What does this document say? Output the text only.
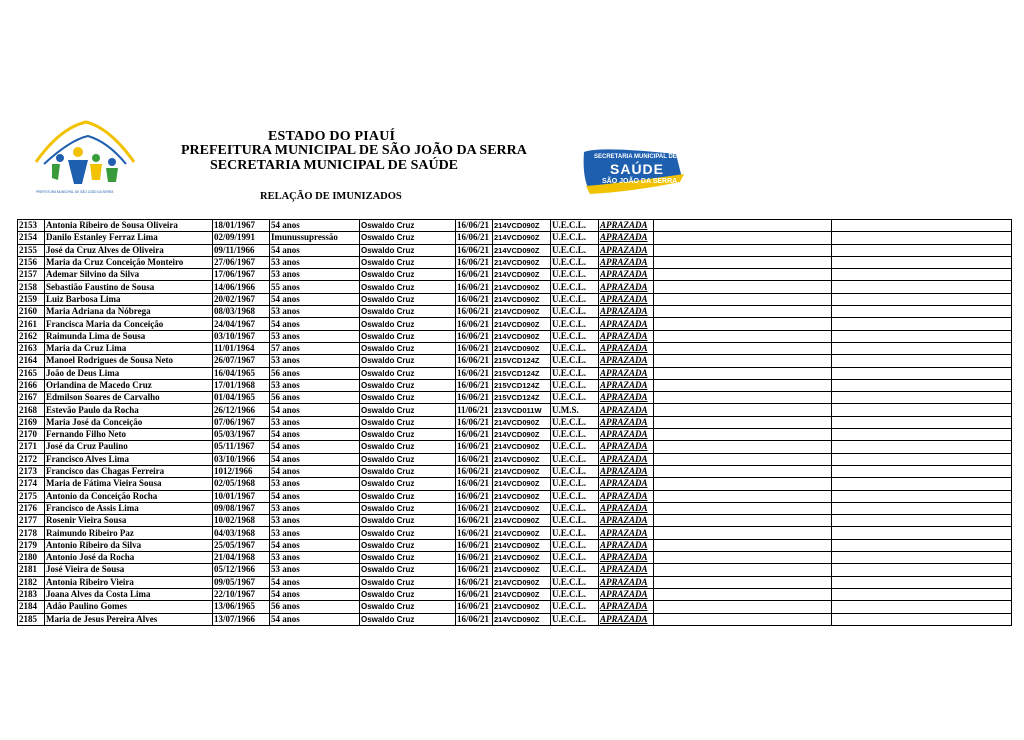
PREFEITURA MUNICIPAL DE SÃO JOÃO DA SERRA
SECRETARIA MUNICIPAL DE
SAÚDE
SÃO JOÃO DA SERRA
ESTADO DO PIAUÍ
PREFEITURA MUNICIPAL DE SÃO JOÃO DA SERRA
SECRETARIA MUNICIPAL DE SAÚDE
RELAÇÃO DE IMUNIZADOS
2153	Antonia Ribeiro de Sousa Oliveira	18/01/1967	54 anos	Oswaldo Cruz	16/06/21	214VCD090Z	U.E.C.L.	APRAZADA		
2154	Danilo Estanley Ferraz Lima	02/09/1991	Imunussupressão	Oswaldo Cruz	16/06/21	214VCD090Z	U.E.C.L.	APRAZADA		
2155	José da Cruz Alves de Oliveira	09/11/1966	54 anos	Oswaldo Cruz	16/06/21	214VCD090Z	U.E.C.L.	APRAZADA		
2156	Maria da Cruz Conceição Monteiro	27/06/1967	53 anos	Oswaldo Cruz	16/06/21	214VCD090Z	U.E.C.L.	APRAZADA		
2157	Ademar Silvino da Silva	17/06/1967	53 anos	Oswaldo Cruz	16/06/21	214VCD090Z	U.E.C.L.	APRAZADA		
2158	Sebastião Faustino de Sousa	14/06/1966	55 anos	Oswaldo Cruz	16/06/21	214VCD090Z	U.E.C.L.	APRAZADA		
2159	Luiz Barbosa Lima	20/02/1967	54 anos	Oswaldo Cruz	16/06/21	214VCD090Z	U.E.C.L.	APRAZADA		
2160	Maria Adriana da Nóbrega	08/03/1968	53 anos	Oswaldo Cruz	16/06/21	214VCD090Z	U.E.C.L.	APRAZADA		
2161	Francisca Maria da Conceição	24/04/1967	54 anos	Oswaldo Cruz	16/06/21	214VCD090Z	U.E.C.L.	APRAZADA		
2162	Raimunda Lima de Sousa	03/10/1967	53 anos	Oswaldo Cruz	16/06/21	214VCD090Z	U.E.C.L.	APRAZADA		
2163	Maria da Cruz Lima	11/01/1964	57 anos	Oswaldo Cruz	16/06/21	214VCD090Z	U.E.C.L.	APRAZADA		
2164	Manoel Rodrigues de Sousa Neto	26/07/1967	53 anos	Oswaldo Cruz	16/06/21	215VCD124Z	U.E.C.L.	APRAZADA		
2165	João de Deus Lima	16/04/1965	56 anos	Oswaldo Cruz	16/06/21	215VCD124Z	U.E.C.L.	APRAZADA		
2166	Orlandina de Macedo Cruz	17/01/1968	53 anos	Oswaldo Cruz	16/06/21	215VCD124Z	U.E.C.L.	APRAZADA		
2167	Edmilson Soares de Carvalho	01/04/1965	56 anos	Oswaldo Cruz	16/06/21	215VCD124Z	U.E.C.L.	APRAZADA		
2168	Estevão Paulo da Rocha	26/12/1966	54 anos	Oswaldo Cruz	11/06/21	213VCD011W	U.M.S.	APRAZADA		
2169	Maria José da Conceição	07/06/1967	53 anos	Oswaldo Cruz	16/06/21	214VCD090Z	U.E.C.L.	APRAZADA		
2170	Fernando Filho Neto	05/03/1967	54 anos	Oswaldo Cruz	16/06/21	214VCD090Z	U.E.C.L.	APRAZADA		
2171	José da Cruz Paulino	05/11/1967	54 anos	Oswaldo Cruz	16/06/21	214VCD090Z	U.E.C.L.	APRAZADA		
2172	Francisco Alves Lima	03/10/1966	54 anos	Oswaldo Cruz	16/06/21	214VCD090Z	U.E.C.L.	APRAZADA		
2173	Francisco das Chagas Ferreira	1012/1966	54 anos	Oswaldo Cruz	16/06/21	214VCD090Z	U.E.C.L.	APRAZADA		
2174	Maria de Fátima Vieira Sousa	02/05/1968	53 anos	Oswaldo Cruz	16/06/21	214VCD090Z	U.E.C.L.	APRAZADA		
2175	Antonio da Conceição Rocha	10/01/1967	54 anos	Oswaldo Cruz	16/06/21	214VCD090Z	U.E.C.L.	APRAZADA		
2176	Francisco de Assis Lima	09/08/1967	53 anos	Oswaldo Cruz	16/06/21	214VCD090Z	U.E.C.L.	APRAZADA		
2177	Rosenir Vieira Sousa	10/02/1968	53 anos	Oswaldo Cruz	16/06/21	214VCD090Z	U.E.C.L.	APRAZADA		
2178	Raimundo Ribeiro Paz	04/03/1968	53 anos	Oswaldo Cruz	16/06/21	214VCD090Z	U.E.C.L.	APRAZADA		
2179	Antonio Ribeiro da Silva	25/05/1967	54 anos	Oswaldo Cruz	16/06/21	214VCD090Z	U.E.C.L.	APRAZADA		
2180	Antonio José da Rocha	21/04/1968	53 anos	Oswaldo Cruz	16/06/21	214VCD090Z	U.E.C.L.	APRAZADA		
2181	José Vieira de Sousa	05/12/1966	53 anos	Oswaldo Cruz	16/06/21	214VCD090Z	U.E.C.L.	APRAZADA		
2182	Antonia Ribeiro Vieira	09/05/1967	54 anos	Oswaldo Cruz	16/06/21	214VCD090Z	U.E.C.L.	APRAZADA		
2183	Joana Alves da Costa Lima	22/10/1967	54 anos	Oswaldo Cruz	16/06/21	214VCD090Z	U.E.C.L.	APRAZADA		
2184	Adão Paulino Gomes	13/06/1965	56 anos	Oswaldo Cruz	16/06/21	214VCD090Z	U.E.C.L.	APRAZADA		
2185	Maria de Jesus Pereira Alves	13/07/1966	54 anos	Oswaldo Cruz	16/06/21	214VCD090Z	U.E.C.L.	APRAZADA		
